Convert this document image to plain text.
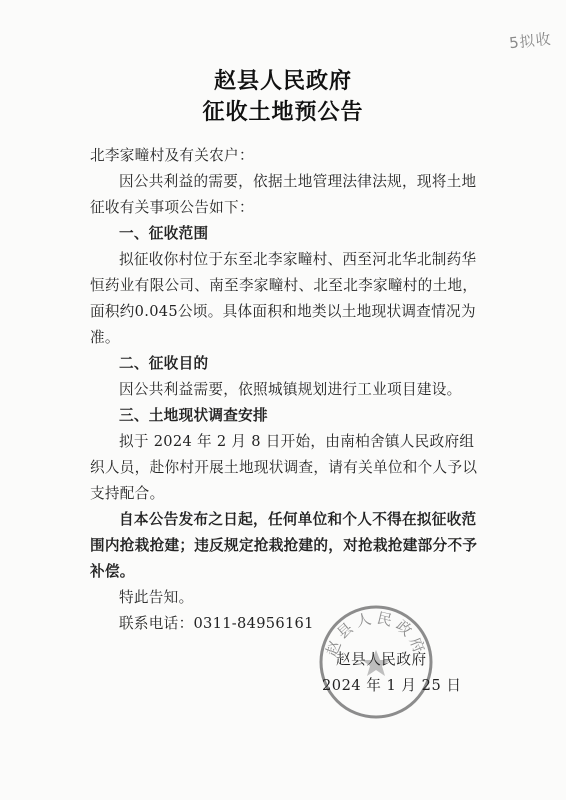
5拟收
赵县人民政府
征收土地预公告
北李家疃村及有关农户：
因公共利益的需要，依据土地管理法律法规，现将土地征收有关事项公告如下：
一、征收范围
拟征收你村位于东至北李家疃村、西至河北华北制药华恒药业有限公司、南至李家疃村、北至北李家疃村的土地，面积约0.045公顷。具体面积和地类以土地现状调查情况为准。
二、征收目的
因公共利益需要，依照城镇规划进行工业项目建设。
三、土地现状调查安排
拟于 2024 年 2 月 8 日开始，由南柏舍镇人民政府组织人员，赴你村开展土地现状调查，请有关单位和个人予以支持配合。
自本公告发布之日起，任何单位和个人不得在拟征收范围内抢栽抢建；违反规定抢栽抢建的，对抢栽抢建部分不予补偿。
特此告知。
联系电话：0311-84956161
赵县人民政府
赵县人民政府
2024 年 1 月 25 日
